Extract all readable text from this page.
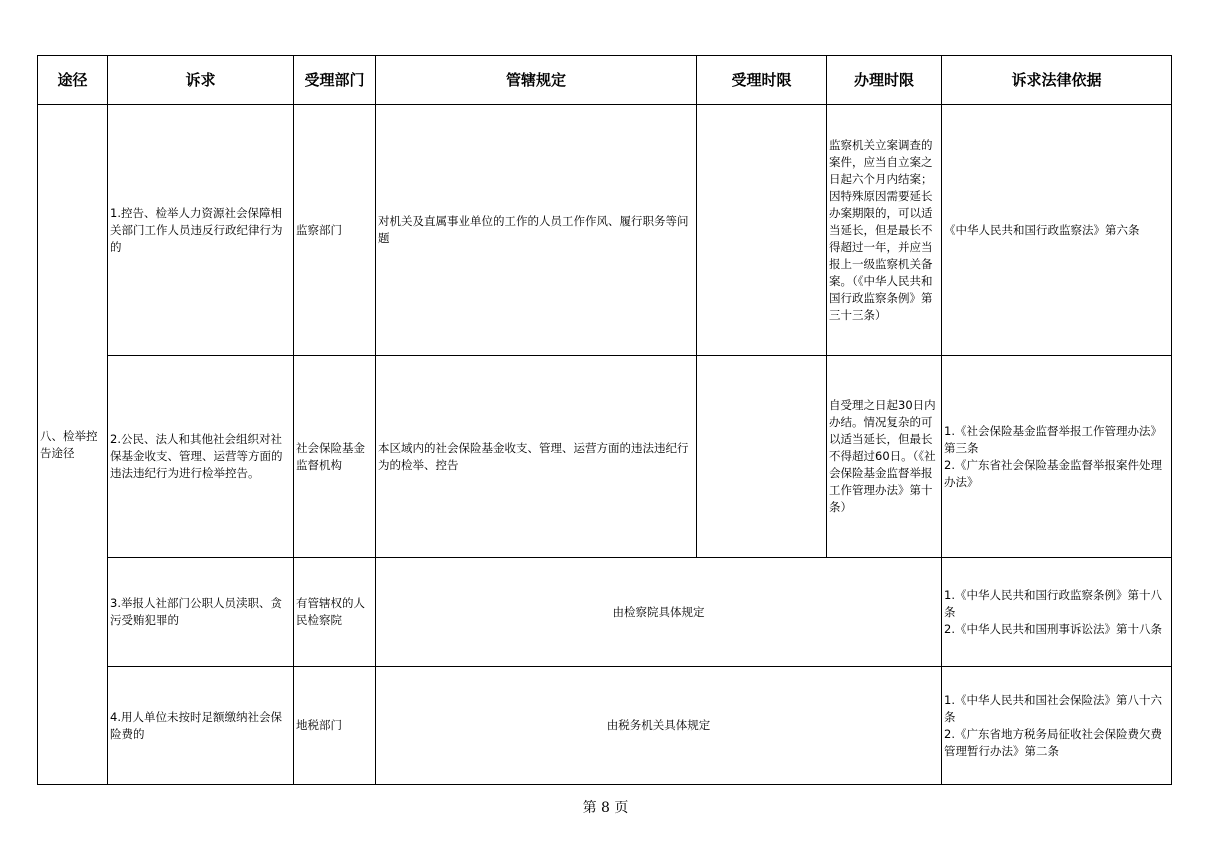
途径	诉求	受理部门	管辖规定	受理时限	办理时限	诉求法律依据
八、检举控告途径	1.控告、检举人力资源社会保障相关部门工作人员违反行政纪律行为的	监察部门	对机关及直属事业单位的工作的人员工作作风、履行职务等问题		监察机关立案调查的案件，应当自立案之日起六个月内结案；因特殊原因需要延长办案期限的，可以适当延长，但是最长不得超过一年，并应当报上一级监察机关备案。（《中华人民共和国行政监察条例》第三十三条）	《中华人民共和国行政监察法》第六条
	2.公民、法人和其他社会组织对社保基金收支、管理、运营等方面的违法违纪行为进行检举控告。	社会保险基金监督机构	本区域内的社会保险基金收支、管理、运营方面的违法违纪行为的检举、控告		自受理之日起30日内办结。情况复杂的可以适当延长，但最长不得超过60日。（《社会保险基金监督举报工作管理办法》第十条）	1.《社会保险基金监督举报工作管理办法》第三条
2.《广东省社会保险基金监督举报案件处理办法》

	3.举报人社部门公职人员渎职、贪污受贿犯罪的	有管辖权的人民检察院	由检察院具体规定			1.《中华人民共和国行政监察条例》第十八条
2.《中华人民共和国刑事诉讼法》第十八条

	4.用人单位未按时足额缴纳社会保险费的	地税部门	由税务机关具体规定			1.《中华人民共和国社会保险法》第八十六条
2.《广东省地方税务局征收社会保险费欠费管理暂行办法》第二条
第 8 页
